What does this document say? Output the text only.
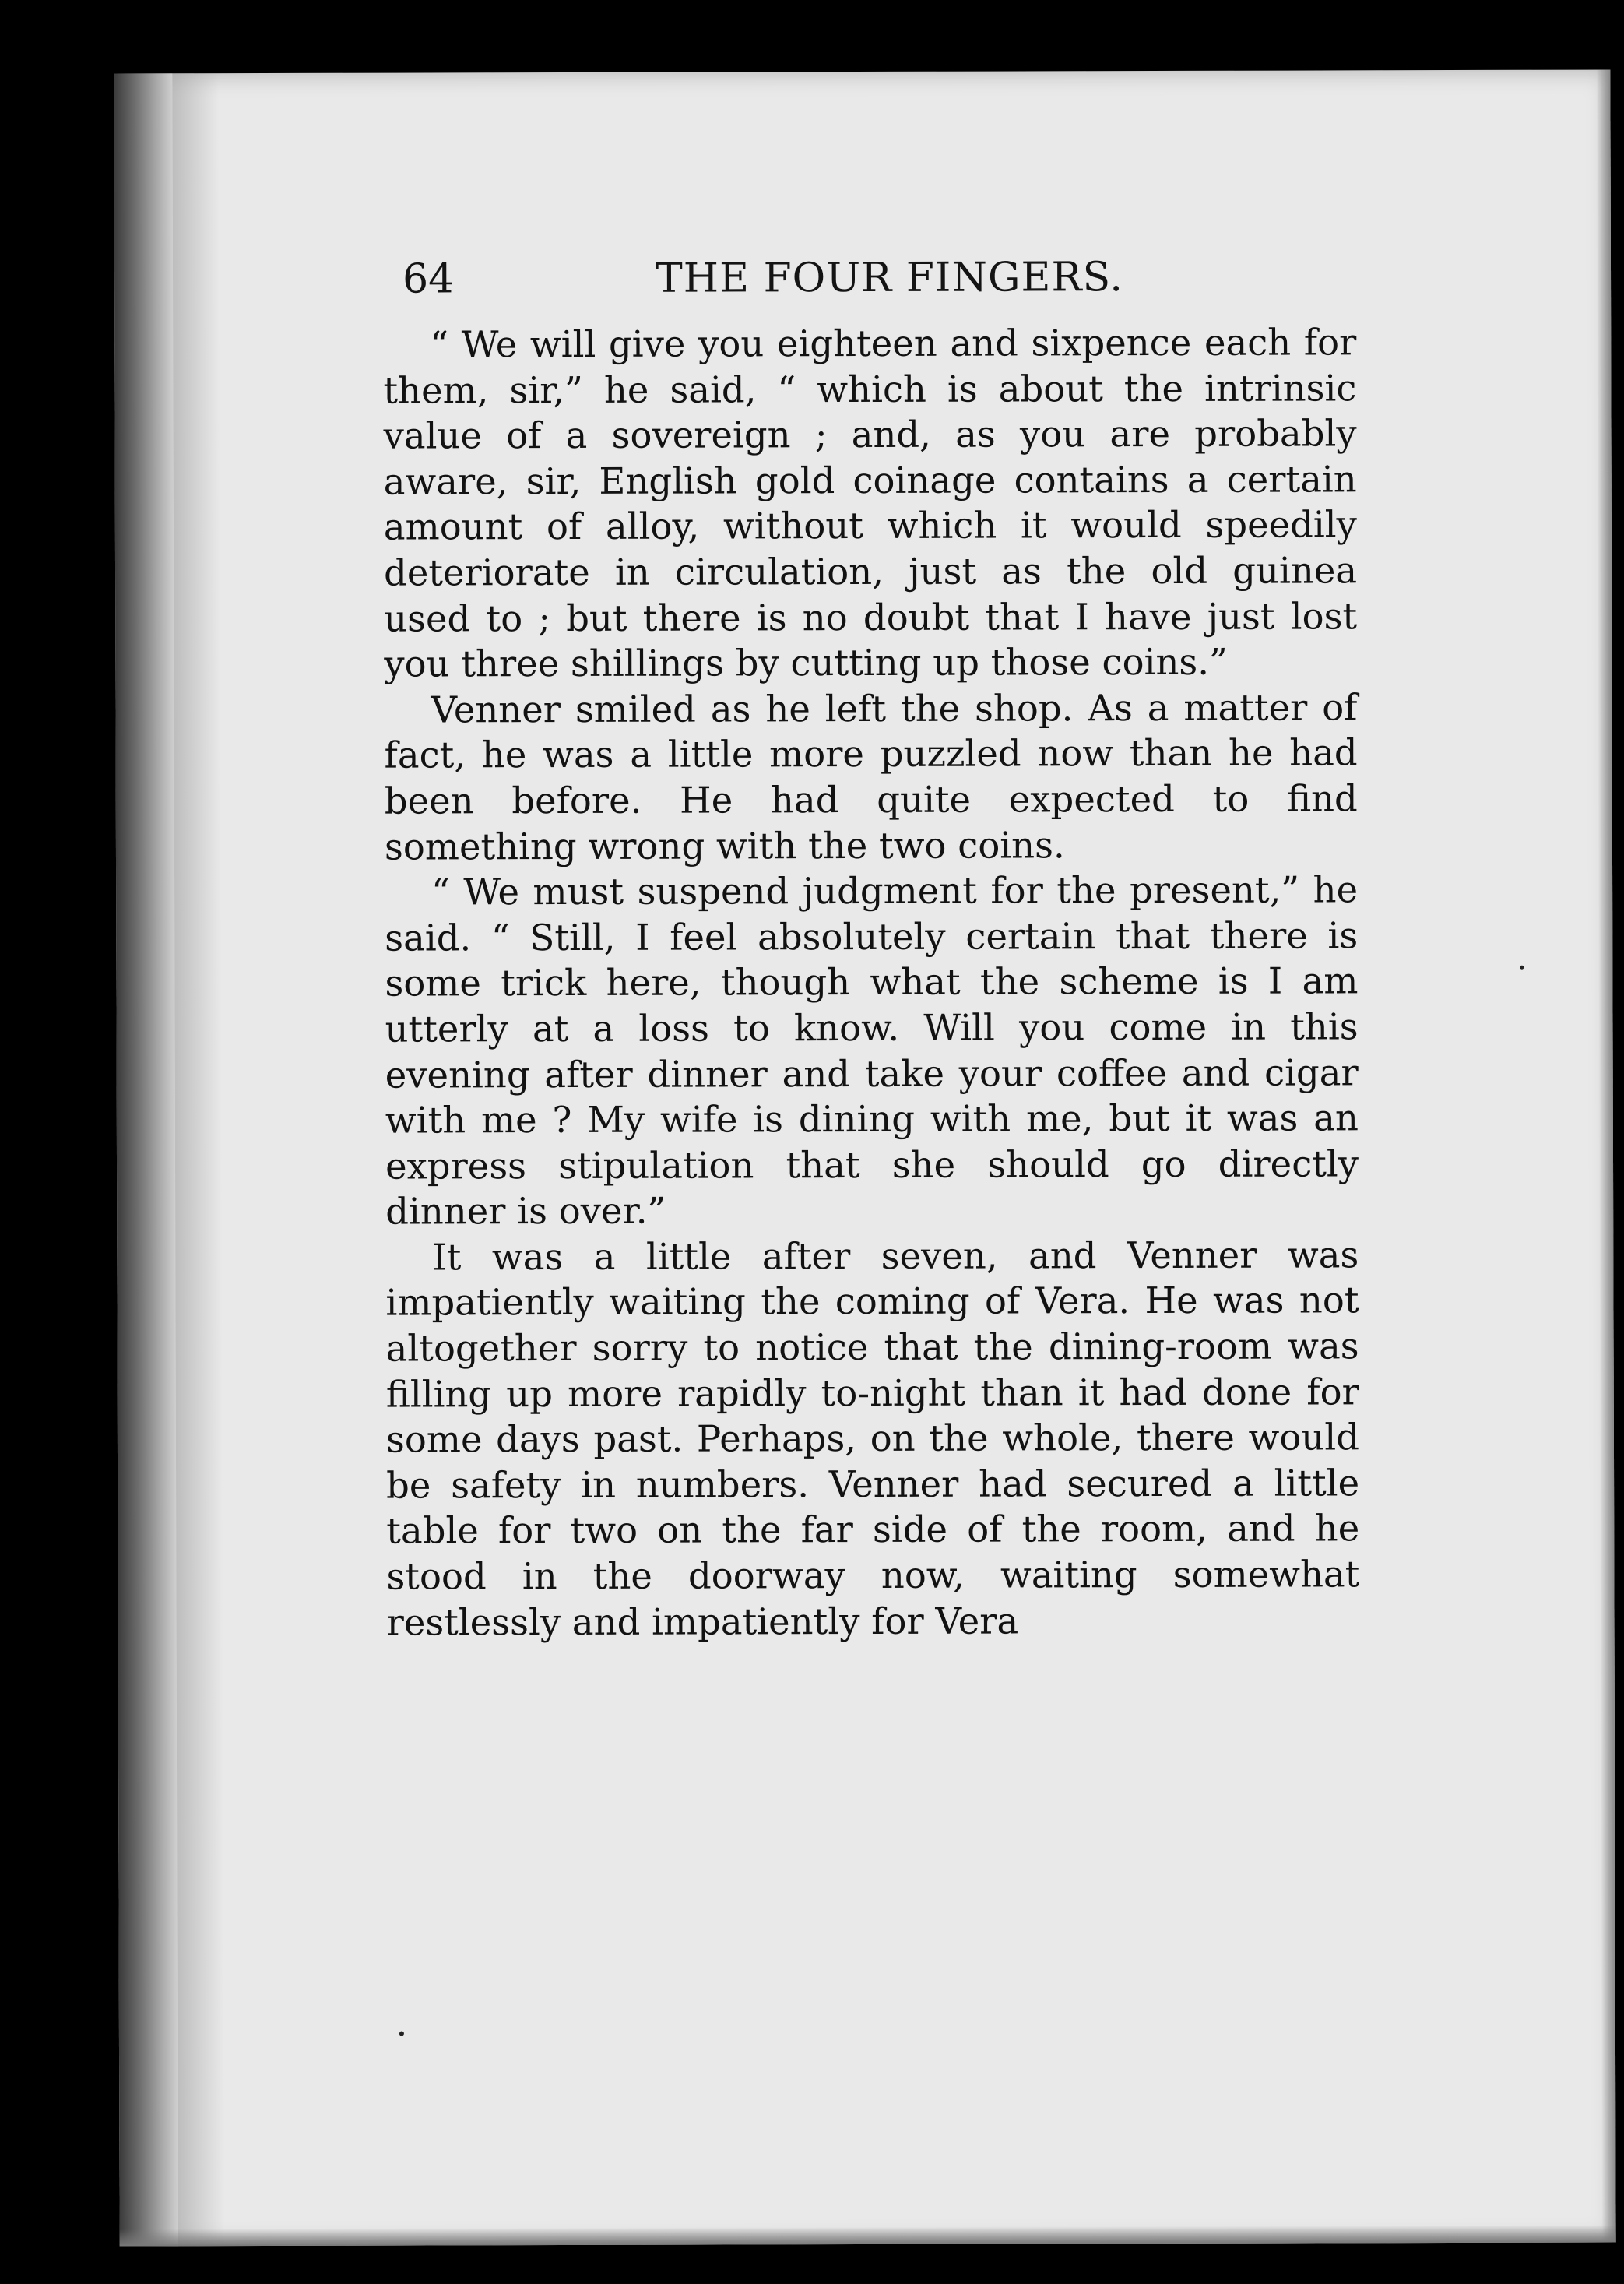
64	THE FOUR FINGERS.

“ We will give you eighteen and sixpence each for them, sir,” he said, “ which is about the intrinsic value of a sovereign ; and, as you are probably aware, sir, English gold coinage contains a certain amount of alloy, without which it would speedily deteriorate in circulation, just as the old guinea used to ; but there is no doubt that I have just lost you three shillings by cutting up those coins.”

Venner smiled as he left the shop. As a matter of fact, he was a little more puzzled now than he had been before. He had quite expected to find something wrong with the two coins.

“ We must suspend judgment for the present,” he said. “ Still, I feel absolutely certain that there is some trick here, though what the scheme is I am utterly at a loss to know. Will you come in this evening after dinner and take your coffee and cigar with me ? My wife is dining with me, but it was an express stipulation that she should go directly dinner is over.”

It was a little after seven, and Venner was impatiently waiting the coming of Vera. He was not altogether sorry to notice that the dining-room was filling up more rapidly to-night than it had done for some days past. Perhaps, on the whole, there would be safety in numbers. Venner had secured a little table for two on the far side of the room, and he stood in the doorway now, waiting somewhat restlessly and impatiently for Vera
